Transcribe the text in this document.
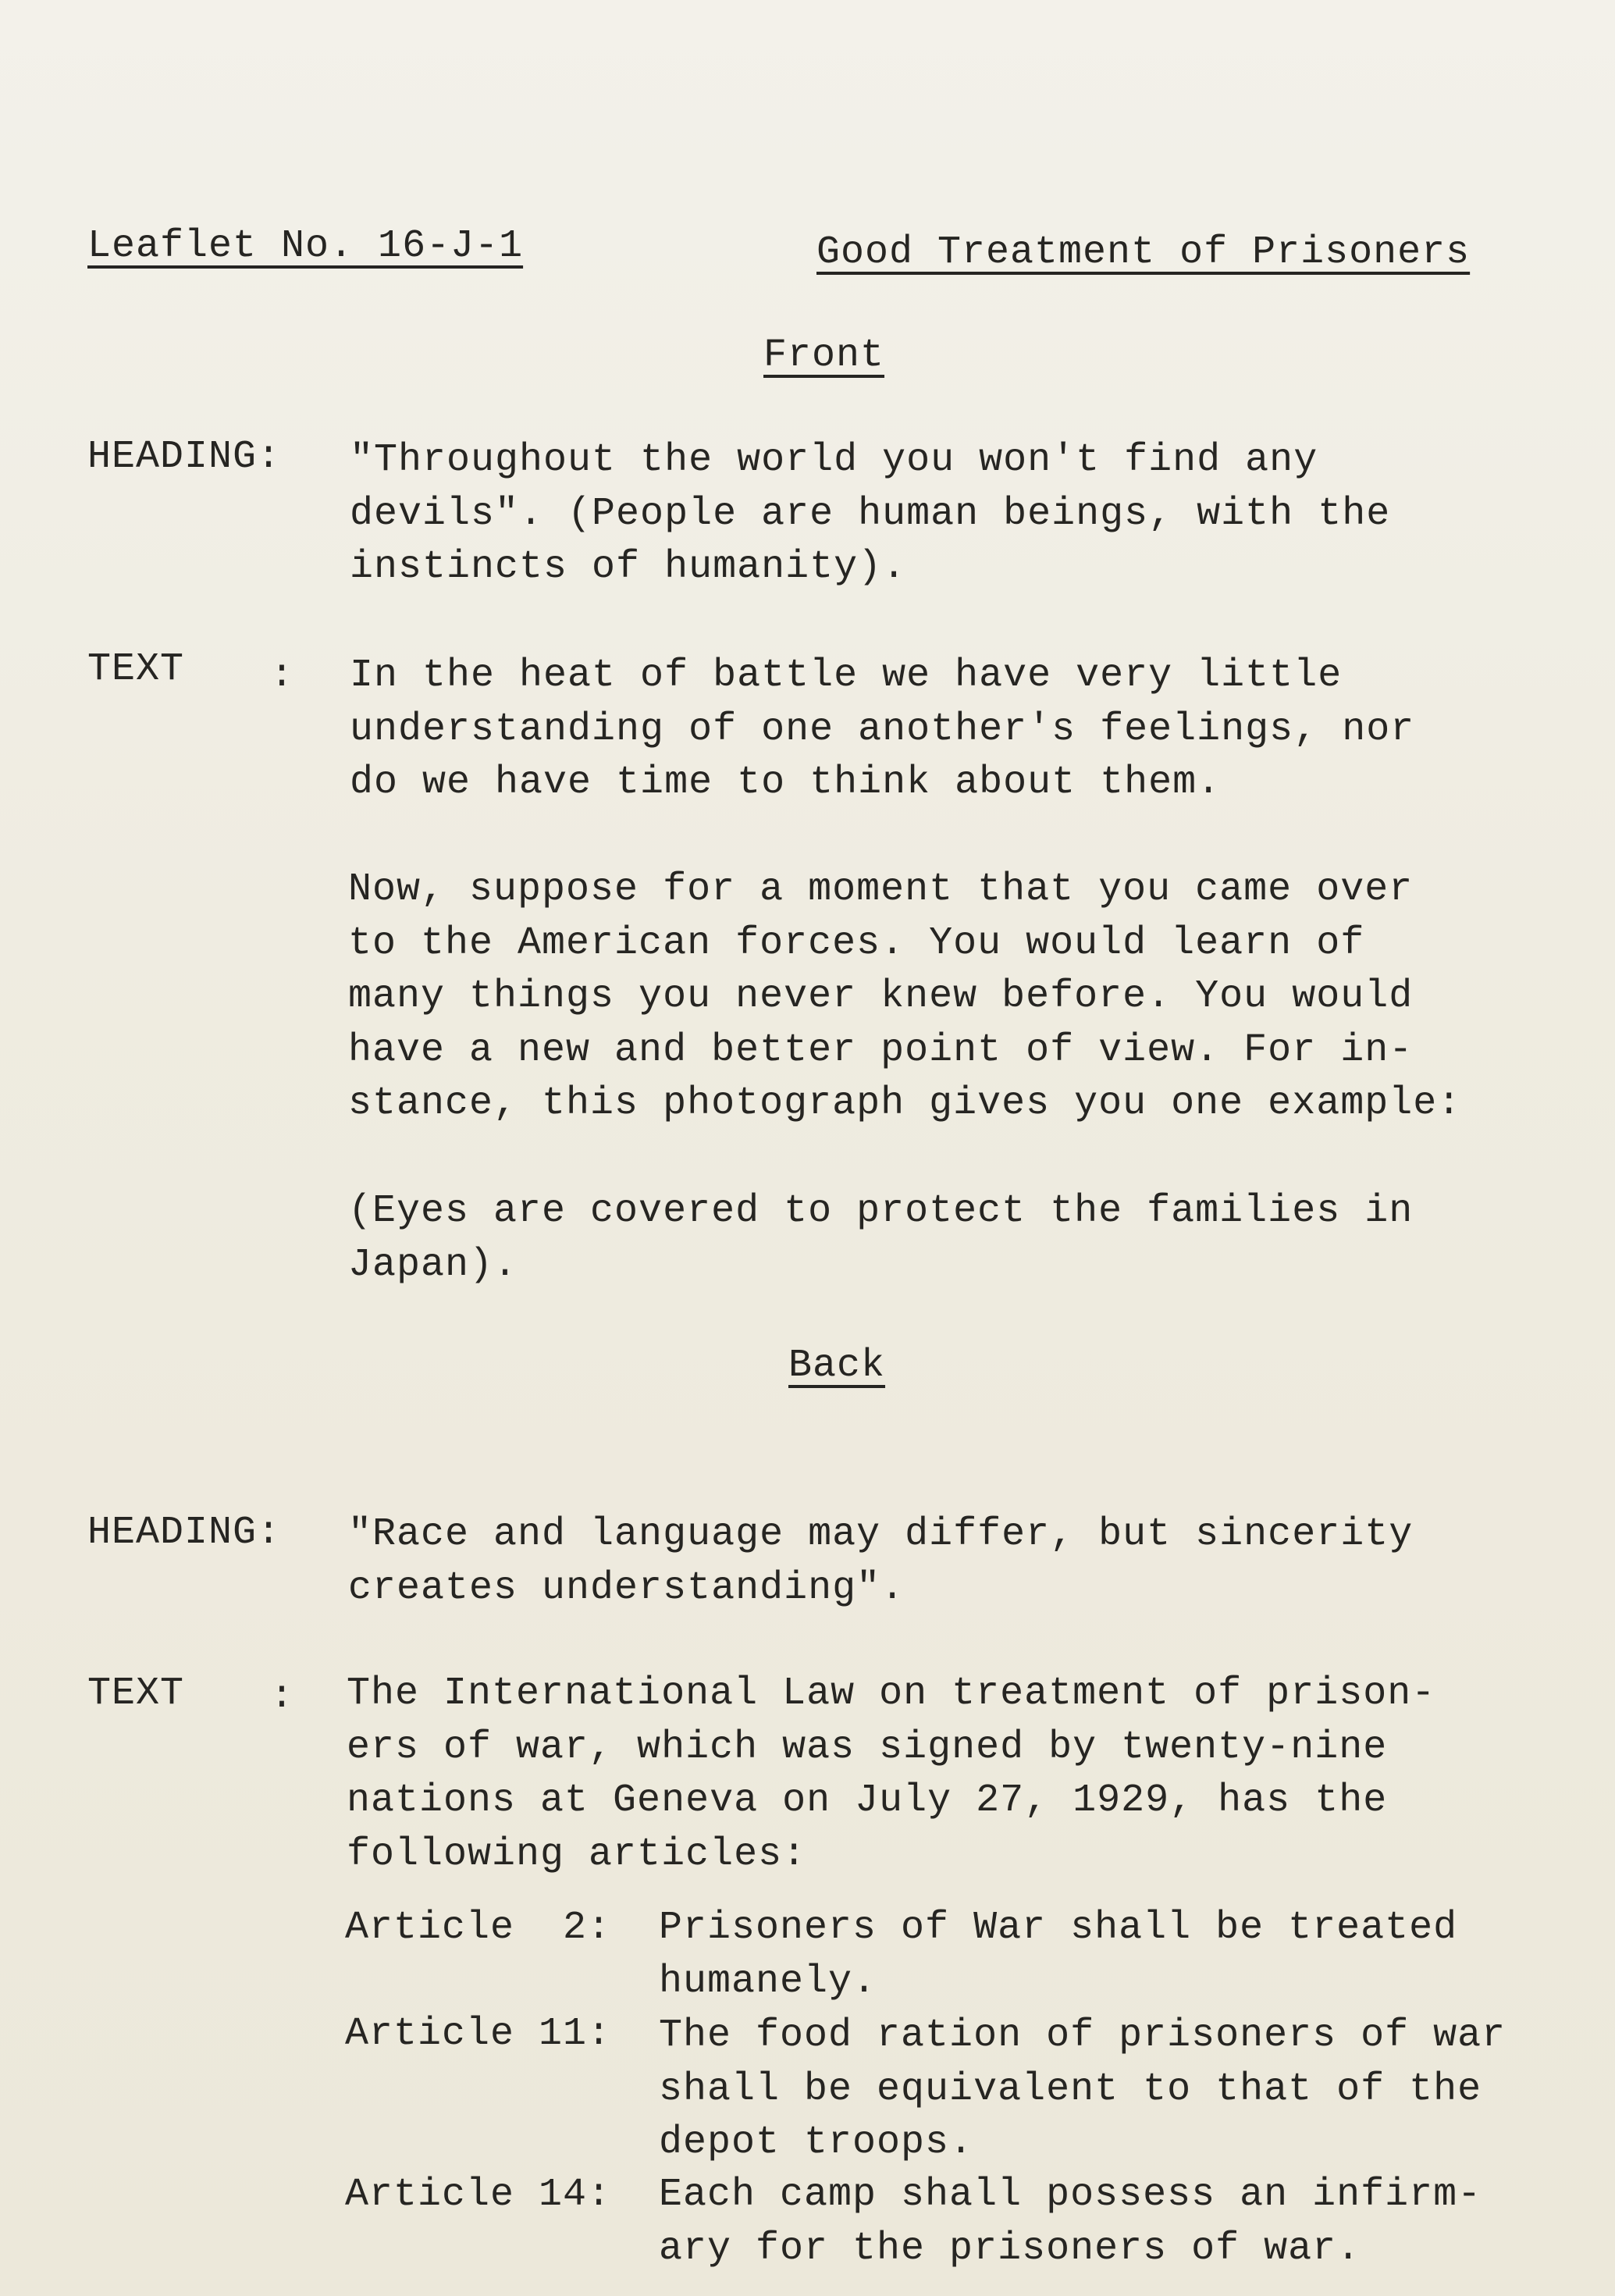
Leaflet No. 16-J-1	Good Treatment of Prisoners
Front
HEADING: "Throughout the world you won't find any
devils". (People are human beings, with the
instincts of humanity).
TEXT : In the heat of battle we have very little
understanding of one another's feelings, nor
do we have time to think about them.
Now, suppose for a moment that you came over
to the American forces. You would learn of
many things you never knew before. You would
have a new and better point of view. For in-
stance, this photograph gives you one example:
(Eyes are covered to protect the families in
Japan).
Back
HEADING: "Race and language may differ, but sincerity
creates understanding".
TEXT : The International Law on treatment of prison-
ers of war, which was signed by twenty-nine
nations at Geneva on July 27, 1929, has the
following articles:
Article  2: Prisoners of War shall be treated
humanely.
Article 11: The food ration of prisoners of war
shall be equivalent to that of the
depot troops.
Article 14: Each camp shall possess an infirm-
ary for the prisoners of war.
